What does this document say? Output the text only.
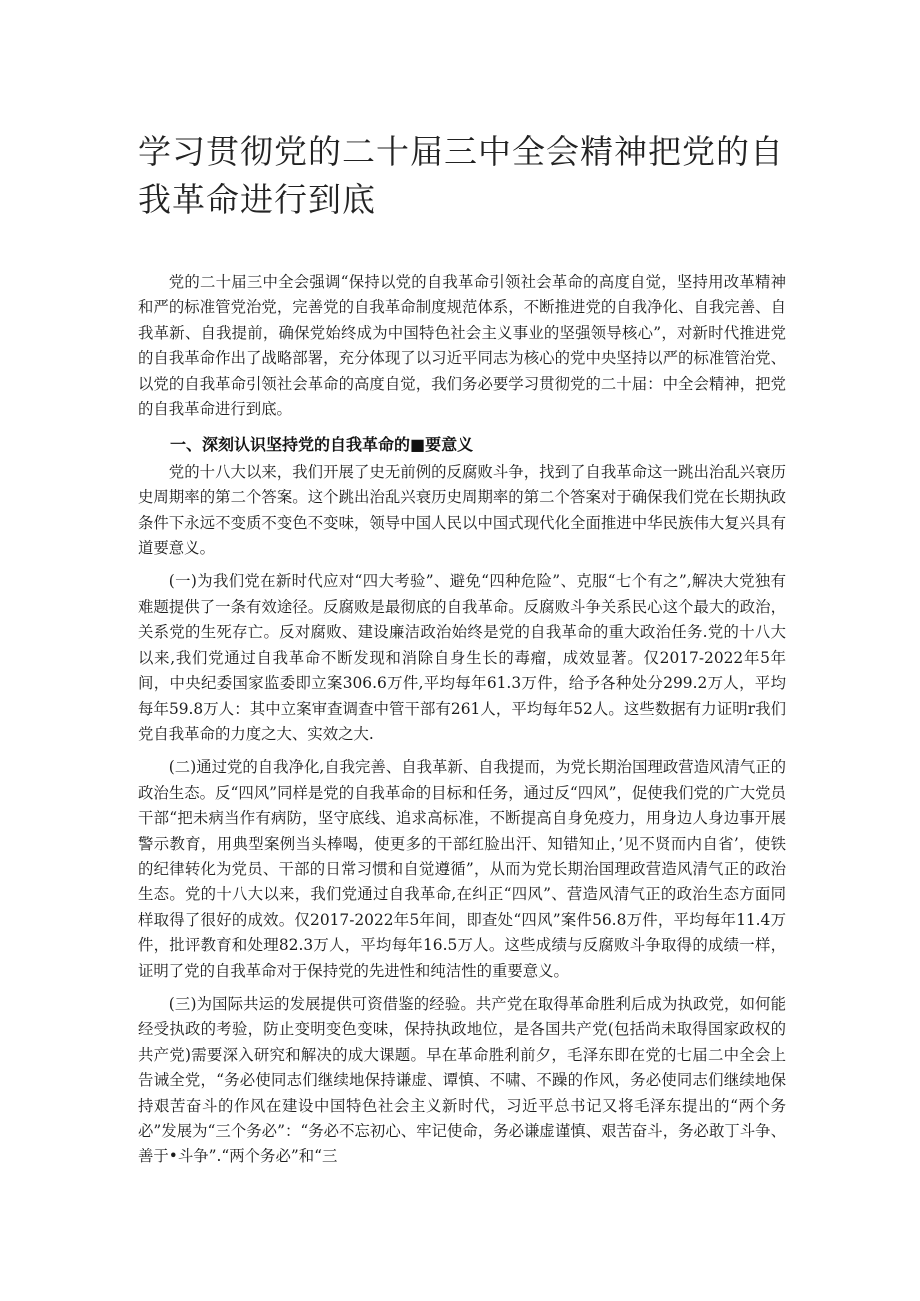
学习贯彻党的二十届三中全会精神把党的自我革命进行到底

党的二十届三中全会强调“保持以党的自我革命引领社会革命的高度自觉，坚持用改革精神和严的标准管党治党，完善党的自我革命制度规范体系，不断推进党的自我净化、自我完善、自我革新、自我提前，确保党始终成为中国特色社会主义事业的坚强领导核心”，对新时代推进党的自我革命作出了战略部署，充分体现了以习近平同志为核心的党中央坚持以严的标准管治党、以党的自我革命引领社会革命的高度自觉，我们务必要学习贯彻党的二十届：中全会精神，把党的自我革命进行到底。

一、深刻认识坚持党的自我革命的■要意义

党的十八大以来，我们开展了史无前例的反腐败斗争，找到了自我革命这一跳出治乱兴衰历史周期率的第二个答案。这个跳出治乱兴衰历史周期率的第二个答案对于确保我们党在长期执政条件下永远不变质不变色不变味，领导中国人民以中国式现代化全面推进中华民族伟大复兴具有道要意义。

(一)为我们党在新时代应对“四大考验”、避免“四种危险”、克服“七个有之”,解决大党独有难题提供了一条有效途径。反腐败是最彻底的自我革命。反腐败斗争关系民心这个最大的政治，关系党的生死存亡。反对腐败、建设廉洁政治始终是党的自我革命的重大政治任务.党的十八大以来,我们党通过自我革命不断发现和消除自身生长的毒瘤，成效显著。仅2017-2022年5年间，中央纪委国家监委即立案306.6万件,平均每年61.3万件，给予各种处分299.2万人，平均每年59.8万人：其中立案审查调查中管干部有261人，平均每年52人。这些数据有力证明r我们党自我革命的力度之大、实效之大.

(二)通过党的自我净化,自我完善、自我革新、自我提而，为党长期治国理政营造风清气正的政治生态。反“四风”同样是党的自我革命的目标和任务，通过反“四风”，促使我们党的广大党员干部“把未病当作有病防，坚守底线、追求高标准，不断提高自身免疫力，用身边人身边事开展警示教育，用典型案例当头棒喝，使更多的干部红脸出汗、知错知止，’见不贤而内自省’，使铁的纪律转化为党员、干部的日常习惯和自觉遵循”，从而为党长期治国理政营造风清气正的政治生态。党的十八大以来，我们党通过自我革命,在纠正“四风”、营造风清气正的政治生态方面同样取得了很好的成效。仅2017-2022年5年间，即查处“四风”案件56.8万件，平均每年11.4万件，批评教育和处理82.3万人，平均每年16.5万人。这些成绩与反腐败斗争取得的成绩一样，证明了党的自我革命对于保持党的先进性和纯洁性的重要意义。

(三)为国际共运的发展提供可资借鉴的经验。共产党在取得革命胜利后成为执政党，如何能经受执政的考验，防止变明变色变味，保持执政地位，是各国共产党(包括尚未取得国家政权的共产党)需要深入研究和解决的成大课题。早在革命胜利前夕，毛泽东即在党的七届二中全会上告诫全党，“务必使同志们继续地保持谦虚、谭慎、不啸、不躁的作风，务必使同志们继续地保持艰苦奋斗的作风在建设中国特色社会主义新时代，习近平总书记又将毛泽东提出的“两个务必”发展为“三个务必”：“务必不忘初心、牢记使命，务必谦虚谨慎、艰苦奋斗，务必敢丁斗争、善于•斗争”.“两个务必”和“三
